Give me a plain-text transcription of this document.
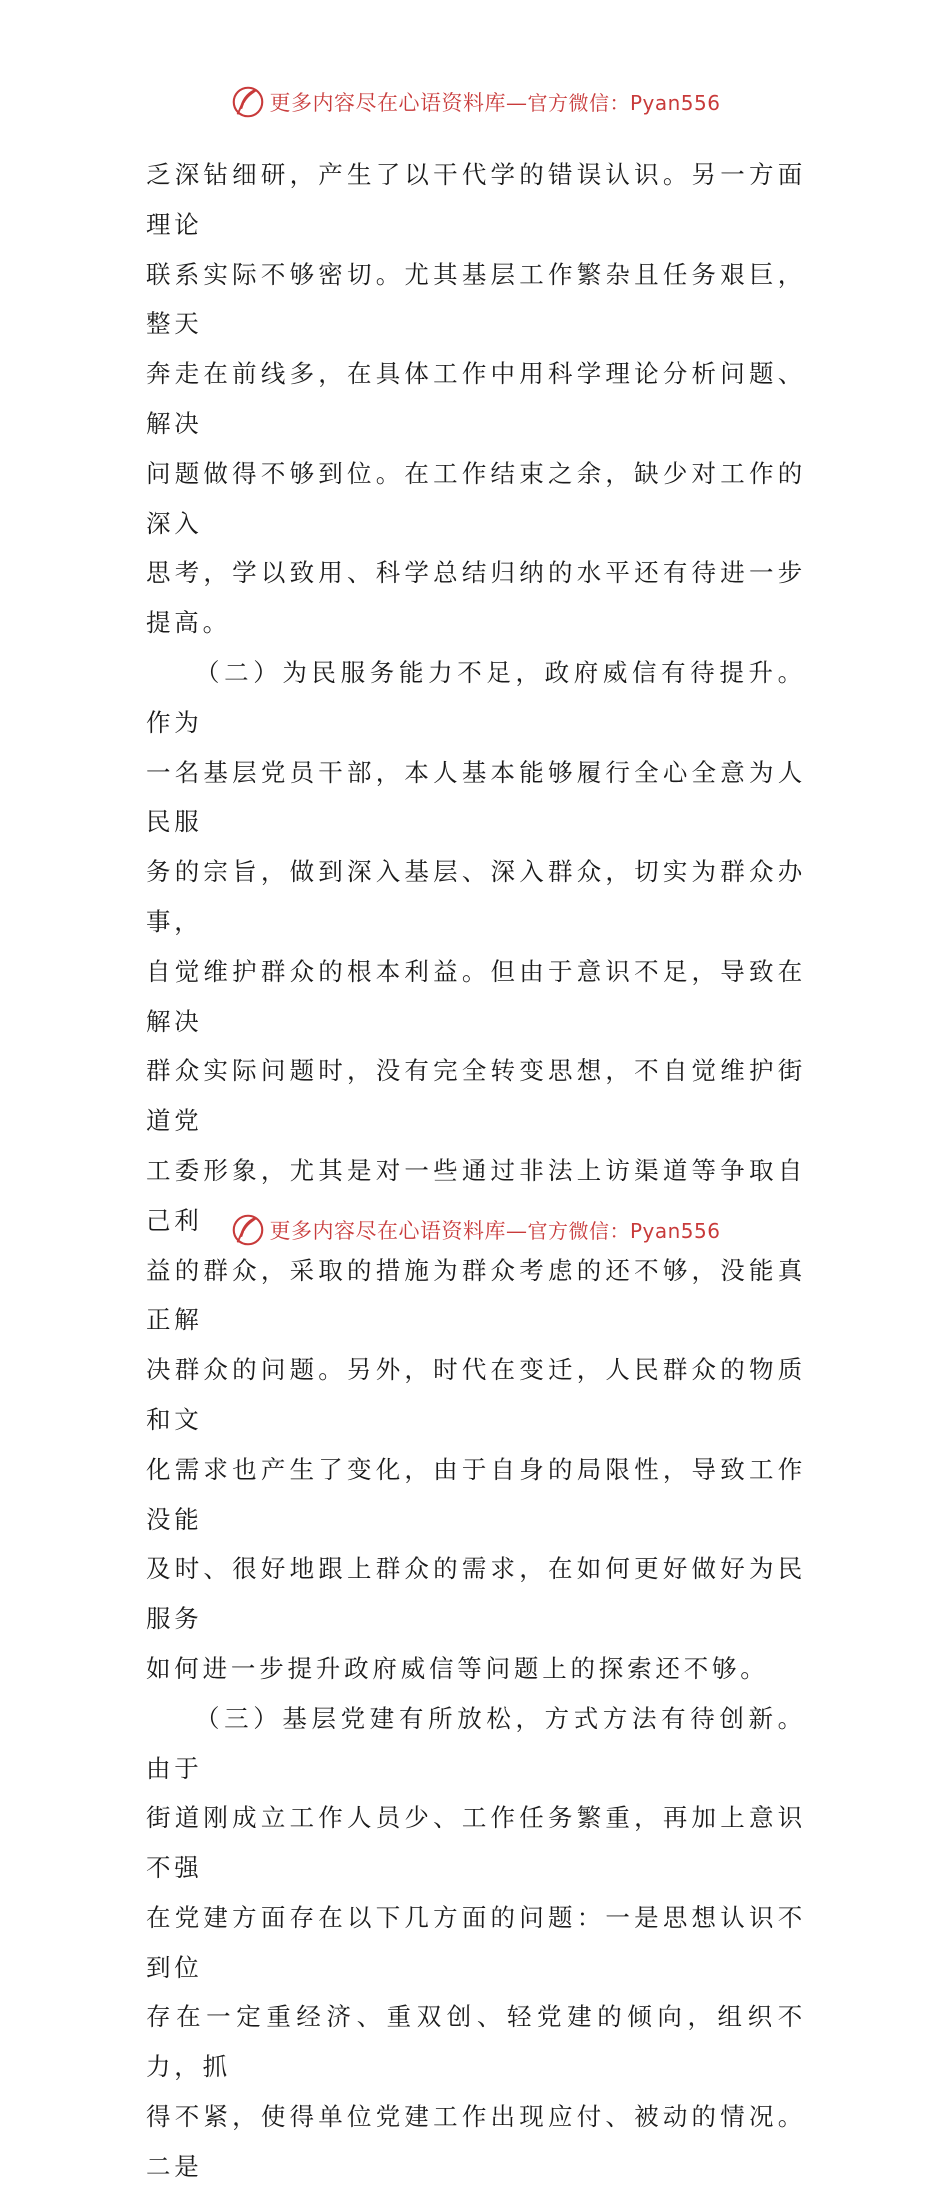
更多内容尽在心语资料库—官方微信：Pyan556

乏深钻细研，产生了以干代学的错误认识。另一方面理论
联系实际不够密切。尤其基层工作繁杂且任务艰巨，整天
奔走在前线多，在具体工作中用科学理论分析问题、解决
问题做得不够到位。在工作结束之余，缺少对工作的深入
思考，学以致用、科学总结归纳的水平还有待进一步提高。

（二）为民服务能力不足，政府威信有待提升。作为
一名基层党员干部，本人基本能够履行全心全意为人民服
务的宗旨，做到深入基层、深入群众，切实为群众办事，
自觉维护群众的根本利益。但由于意识不足，导致在解决
群众实际问题时，没有完全转变思想，不自觉维护街道党
工委形象，尤其是对一些通过非法上访渠道等争取自己利
益的群众，采取的措施为群众考虑的还不够，没能真正解
决群众的问题。另外，时代在变迁，人民群众的物质和文
化需求也产生了变化，由于自身的局限性，导致工作没能
及时、很好地跟上群众的需求，在如何更好做好为民服务
如何进一步提升政府威信等问题上的探索还不够。

（三）基层党建有所放松，方式方法有待创新。由于
街道刚成立工作人员少、工作任务繁重，再加上意识不强
在党建方面存在以下几方面的问题：一是思想认识不到位
存在一定重经济、重双创、轻党建的倾向，组织不力，抓
得不紧，使得单位党建工作出现应付、被动的情况。二是

更多内容尽在心语资料库—官方微信：Pyan556
